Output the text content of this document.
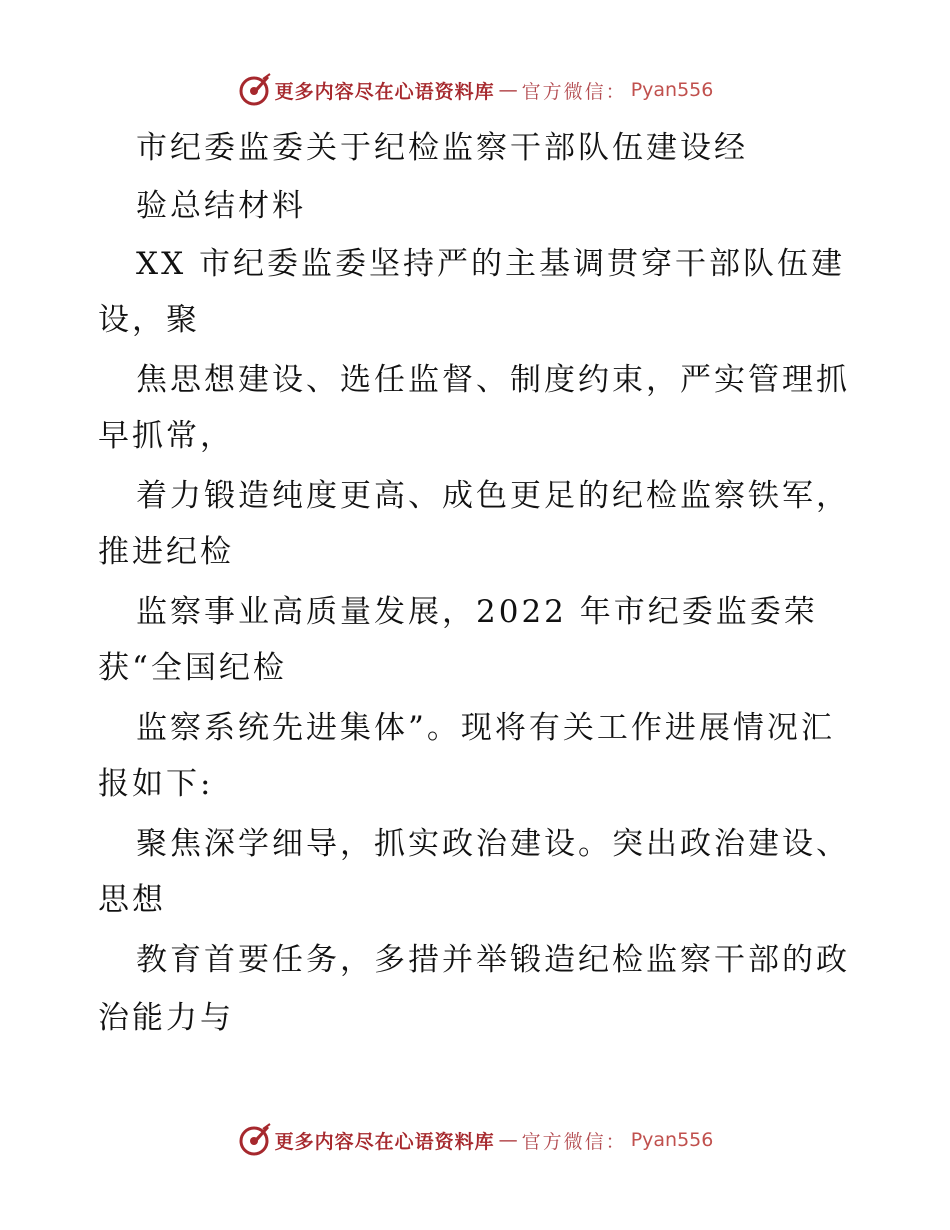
更多内容尽在心语资料库 — 官方微信： Pyan556
市纪委监委关于纪检监察干部队伍建设经
验总结材料
XX 市纪委监委坚持严的主基调贯穿干部队伍建
设，聚
焦思想建设、选任监督、制度约束，严实管理抓
早抓常，
着力锻造纯度更高、成色更足的纪检监察铁军，
推进纪检
监察事业高质量发展，2022 年市纪委监委荣
获“全国纪检
监察系统先进集体”。现将有关工作进展情况汇
报如下:
聚焦深学细导，抓实政治建设。突出政治建设、
思想
教育首要任务，多措并举锻造纪检监察干部的政
治能力与
更多内容尽在心语资料库 — 官方微信： Pyan556
